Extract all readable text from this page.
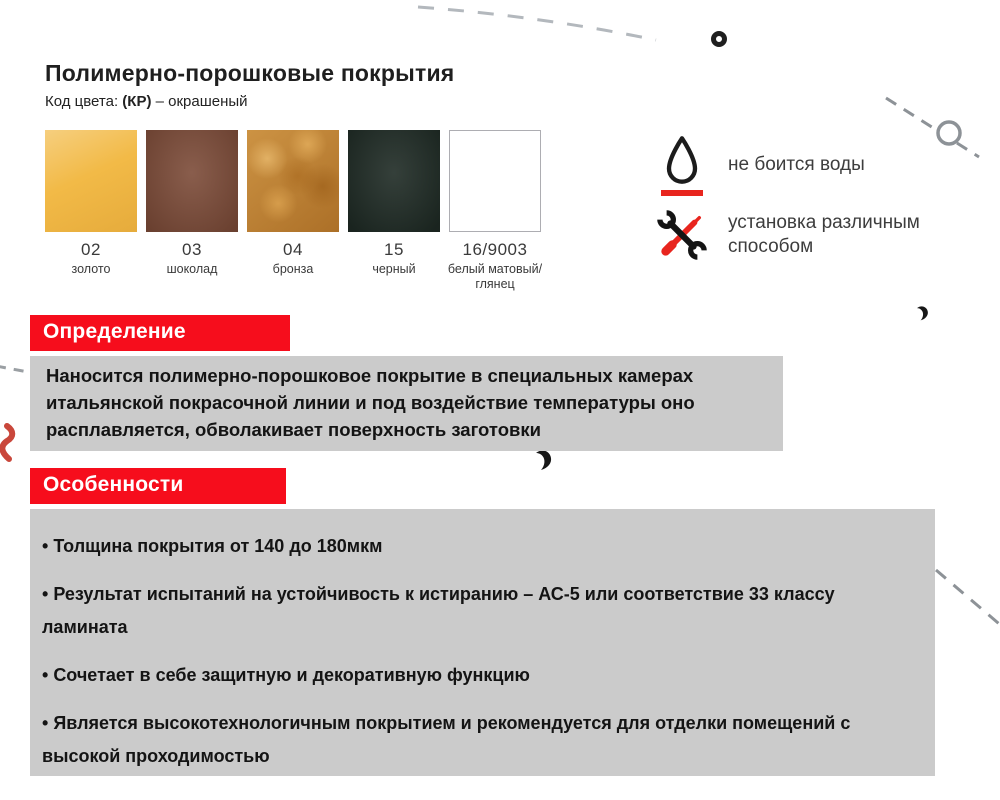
Полимерно-порошковые покрытия
Код цвета: (КР) – окрашеный
02
золото
03
шоколад
04
бронза
15
черный
16/9003
белый матовый/глянец
не боится воды
установка различным способом
Определение
Наносится полимерно-порошковое покрытие в специальных камерах итальянской покрасочной линии и под воздействие температуры оно расплавляется, обволакивает поверхность заготовки
Особенности
• Толщина покрытия от 140 до 180мкм
• Результат испытаний на устойчивость к истиранию – АС-5 или соответствие 33 классу ламината
• Сочетает в себе защитную и декоративную функцию
• Является высокотехнологичным покрытием и рекомендуется для отделки помещений с высокой проходимостью
